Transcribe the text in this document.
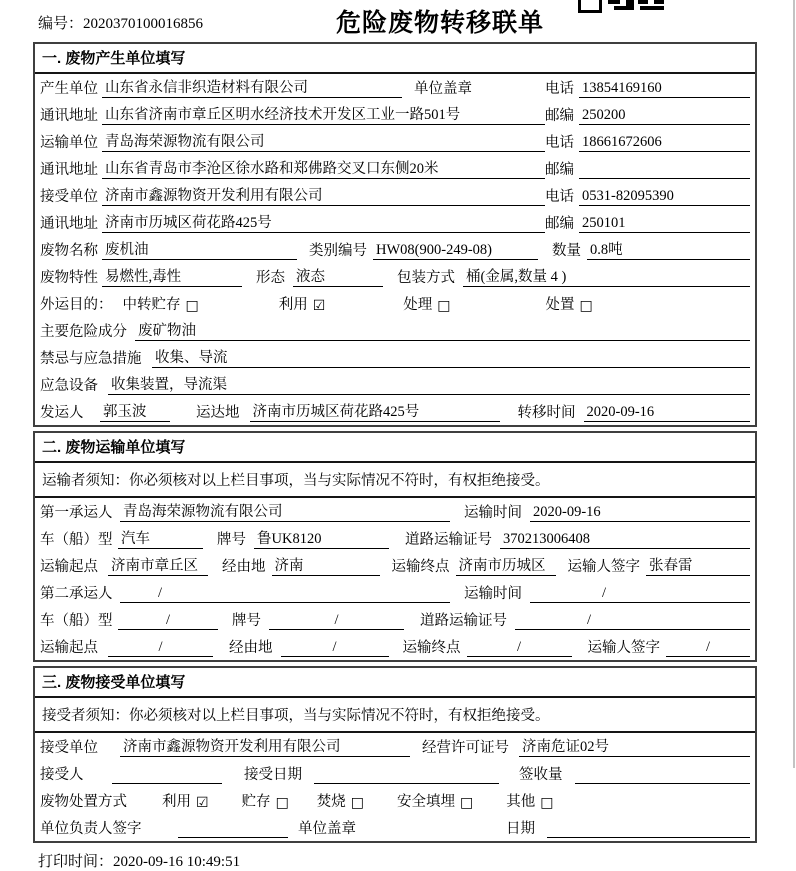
编号：2020370100016856	危险废物转移联单
一. 废物产生单位填写
产生单位 山东省永信非织造材料有限公司	单位盖章	电话 13854169160
通讯地址 山东省济南市章丘区明水经济技术开发区工业一路501号	邮编 250200
运输单位 青岛海荣源物流有限公司	电话 18661672606
通讯地址 山东省青岛市李沧区徐水路和郑佛路交叉口东侧20米	邮编
接受单位 济南市鑫源物资开发利用有限公司	电话 0531-82095390
通讯地址 济南市历城区荷花路425号	邮编 250101
废物名称 废机油	类别编号 HW08(900-249-08)	数量 0.8吨
废物特性 易燃性,毒性	形态 液态	包装方式 桶(金属,数量 4 )
外运目的： 中转贮存 □	利用 ☑	处理 □	处置 □
主要危险成分 废矿物油
禁忌与应急措施 收集、导流
应急设备 收集装置，导流渠
发运人	郭玉波	运达地 济南市历城区荷花路425号	转移时间 2020-09-16
二. 废物运输单位填写
运输者须知：你必须核对以上栏目事项，当与实际情况不符时，有权拒绝接受。
第一承运人 青岛海荣源物流有限公司	运输时间 2020-09-16
车（船）型 汽车	牌号 鲁UK8120	道路运输证号 370213006408
运输起点 济南市章丘区	经由地 济南	运输终点 济南市历城区	运输人签字 张春雷
第二承运人	/	运输时间	/
车（船）型	/	牌号	/	道路运输证号	/
运输起点	/	经由地	/	运输终点	/	运输人签字	/
三. 废物接受单位填写
接受者须知：你必须核对以上栏目事项，当与实际情况不符时，有权拒绝接受。
接受单位 济南市鑫源物资开发利用有限公司	经营许可证号 济南危证02号
接受人	接受日期	签收量
废物处置方式 利用 ☑ 贮存 □ 焚烧 □ 安全填埋 □ 其他 □
单位负责人签字	单位盖章	日期
打印时间：2020-09-16 10:49:51
